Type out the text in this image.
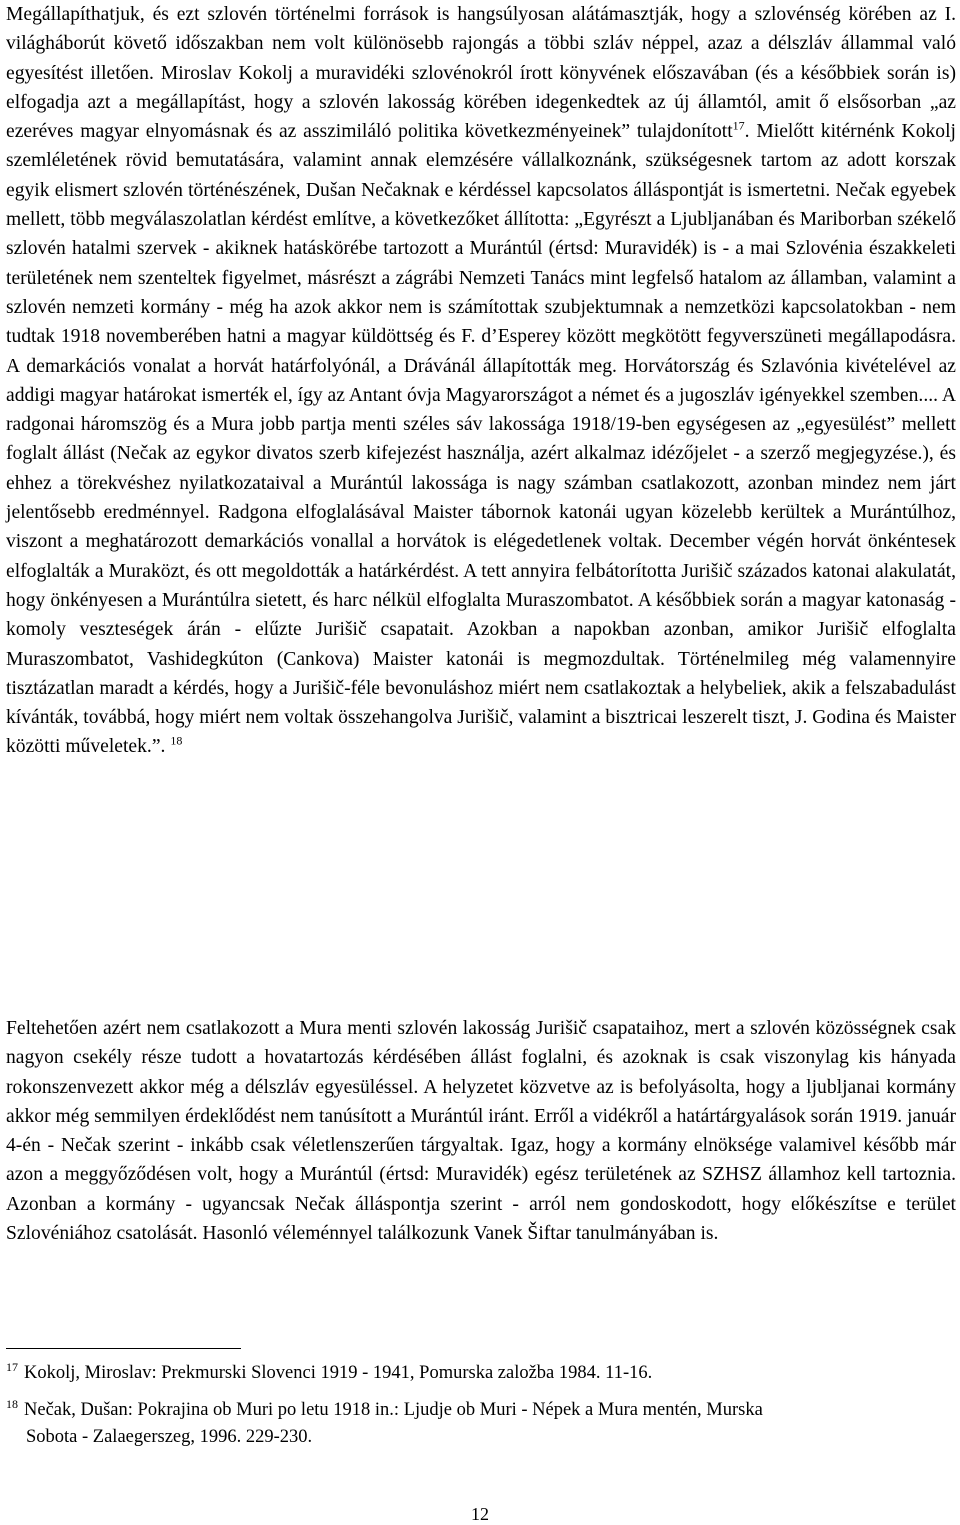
Megállapíthatjuk, és ezt szlovén történelmi források is hangsúlyosan alátámasztják, hogy a szlovénség körében az I. világháborút követő időszakban nem volt különösebb rajongás a többi szláv néppel, azaz a délszláv állammal való egyesítést illetően. Miroslav Kokolj a muravidéki szlovénokról írott könyvének előszavában (és a későbbiek során is) elfogadja azt a megállapítást, hogy a szlovén lakosság körében idegenkedtek az új államtól, amit ő elsősorban „az ezeréves magyar elnyomásnak és az asszimiláló politika következményeinek” tulajdonított$^{17}$. Mielőtt kitérnénk Kokolj szemléletének rövid bemutatására, valamint annak elemzésére vállalkoznánk, szükségesnek tartom az adott korszak egyik elismert szlovén történészének, Dušan Nečaknak e kérdéssel kapcsolatos álláspontját is ismertetni. Nečak egyebek mellett, több megválaszolatlan kérdést említve, a következőket állította: „Egyrészt a Ljubljanában és Mariborban székelő szlovén hatalmi szervek - akiknek hatáskörébe tartozott a Murántúl (értsd: Muravidék) is - a mai Szlovénia északkeleti területének nem szenteltek figyelmet, másrészt a zágrábi Nemzeti Tanács mint legfelső hatalom az államban, valamint a szlovén nemzeti kormány - még ha azok akkor nem is számítottak szubjektumnak a nemzetközi kapcsolatokban - nem tudtak 1918 novemberében hatni a magyar küldöttség és F. d’Esperey között megkötött fegyverszüneti megállapodásra. A demarkációs vonalat a horvát határfolyónál, a Drávánál állapították meg. Horvátország és Szlavónia kivételével az addigi magyar határokat ismerték el, így az Antant óvja Magyarországot a német és a jugoszláv igényekkel szemben.... A radgonai háromszög és a Mura jobb partja menti széles sáv lakossága 1918/19-ben egységesen az „egyesülést” mellett foglalt állást (Nečak az egykor divatos szerb kifejezést használja, azért alkalmaz idézőjelet - a szerző megjegyzése.), és ehhez a törekvéshez nyilatkozataival a Murántúl lakossága is nagy számban csatlakozott, azonban mindez nem járt jelentősebb eredménnyel. Radgona elfoglalásával Maister tábornok katonái ugyan közelebb kerültek a Murántúlhoz, viszont a meghatározott demarkációs vonallal a horvátok is elégedetlenek voltak. December végén horvát önkéntesek elfoglalták a Muraközt, és ott megoldották a határkérdést. A tett annyira felbátorította Jurišič százados katonai alakulatát, hogy önkényesen a Murántúlra sietett, és harc nélkül elfoglalta Muraszombatot. A későbbiek során a magyar katonaság - komoly veszteségek árán - elűzte Jurišič csapatait. Azokban a napokban azonban, amikor Jurišič elfoglalta Muraszombatot, Vashidegkúton (Cankova) Maister katonái is megmozdultak. Történelmileg még valamennyire tisztázatlan maradt a kérdés, hogy a Jurišič-féle bevonuláshoz miért nem csatlakoztak a helybeliek, akik a felszabadulást kívánták, továbbá, hogy miért nem voltak összehangolva Jurišič, valamint a bisztricai leszerelt tiszt, J. Godina és Maister közötti műveletek.”. $^{18}$

Feltehetően azért nem csatlakozott a Mura menti szlovén lakosság Jurišič csapataihoz, mert a szlovén közösségnek csak nagyon csekély része tudott a hovatartozás kérdésében állást foglalni, és azoknak is csak viszonylag kis hányada rokonszenvezett akkor még a délszláv egyesüléssel. A helyzetet közvetve az is befolyásolta, hogy a ljubljanai kormány akkor még semmilyen érdeklődést nem tanúsított a Murántúl iránt. Erről a vidékről a határtárgyalások során 1919. január 4-én - Nečak szerint - inkább csak véletlenszerűen tárgyaltak. Igaz, hogy a kormány elnöksége valamivel később már azon a meggyőződésen volt, hogy a Murántúl (értsd: Muravidék) egész területének az SZHSZ államhoz kell tartoznia. Azonban a kormány - ugyancsak Nečak álláspontja szerint - arról nem gondoskodott, hogy előkészítse e terület Szlovéniához csatolását. Hasonló véleménnyel találkozunk Vanek Šiftar tanulmányában is.

$^{17}$ Kokolj, Miroslav: Prekmurski Slovenci 1919 - 1941, Pomurska založba 1984. 11-16.

$^{18}$ Nečak, Dušan: Pokrajina ob Muri po letu 1918 in.: Ljudje ob Muri - Népek a Mura mentén, Murska
Sobota - Zalaegerszeg, 1996. 229-230.

12
